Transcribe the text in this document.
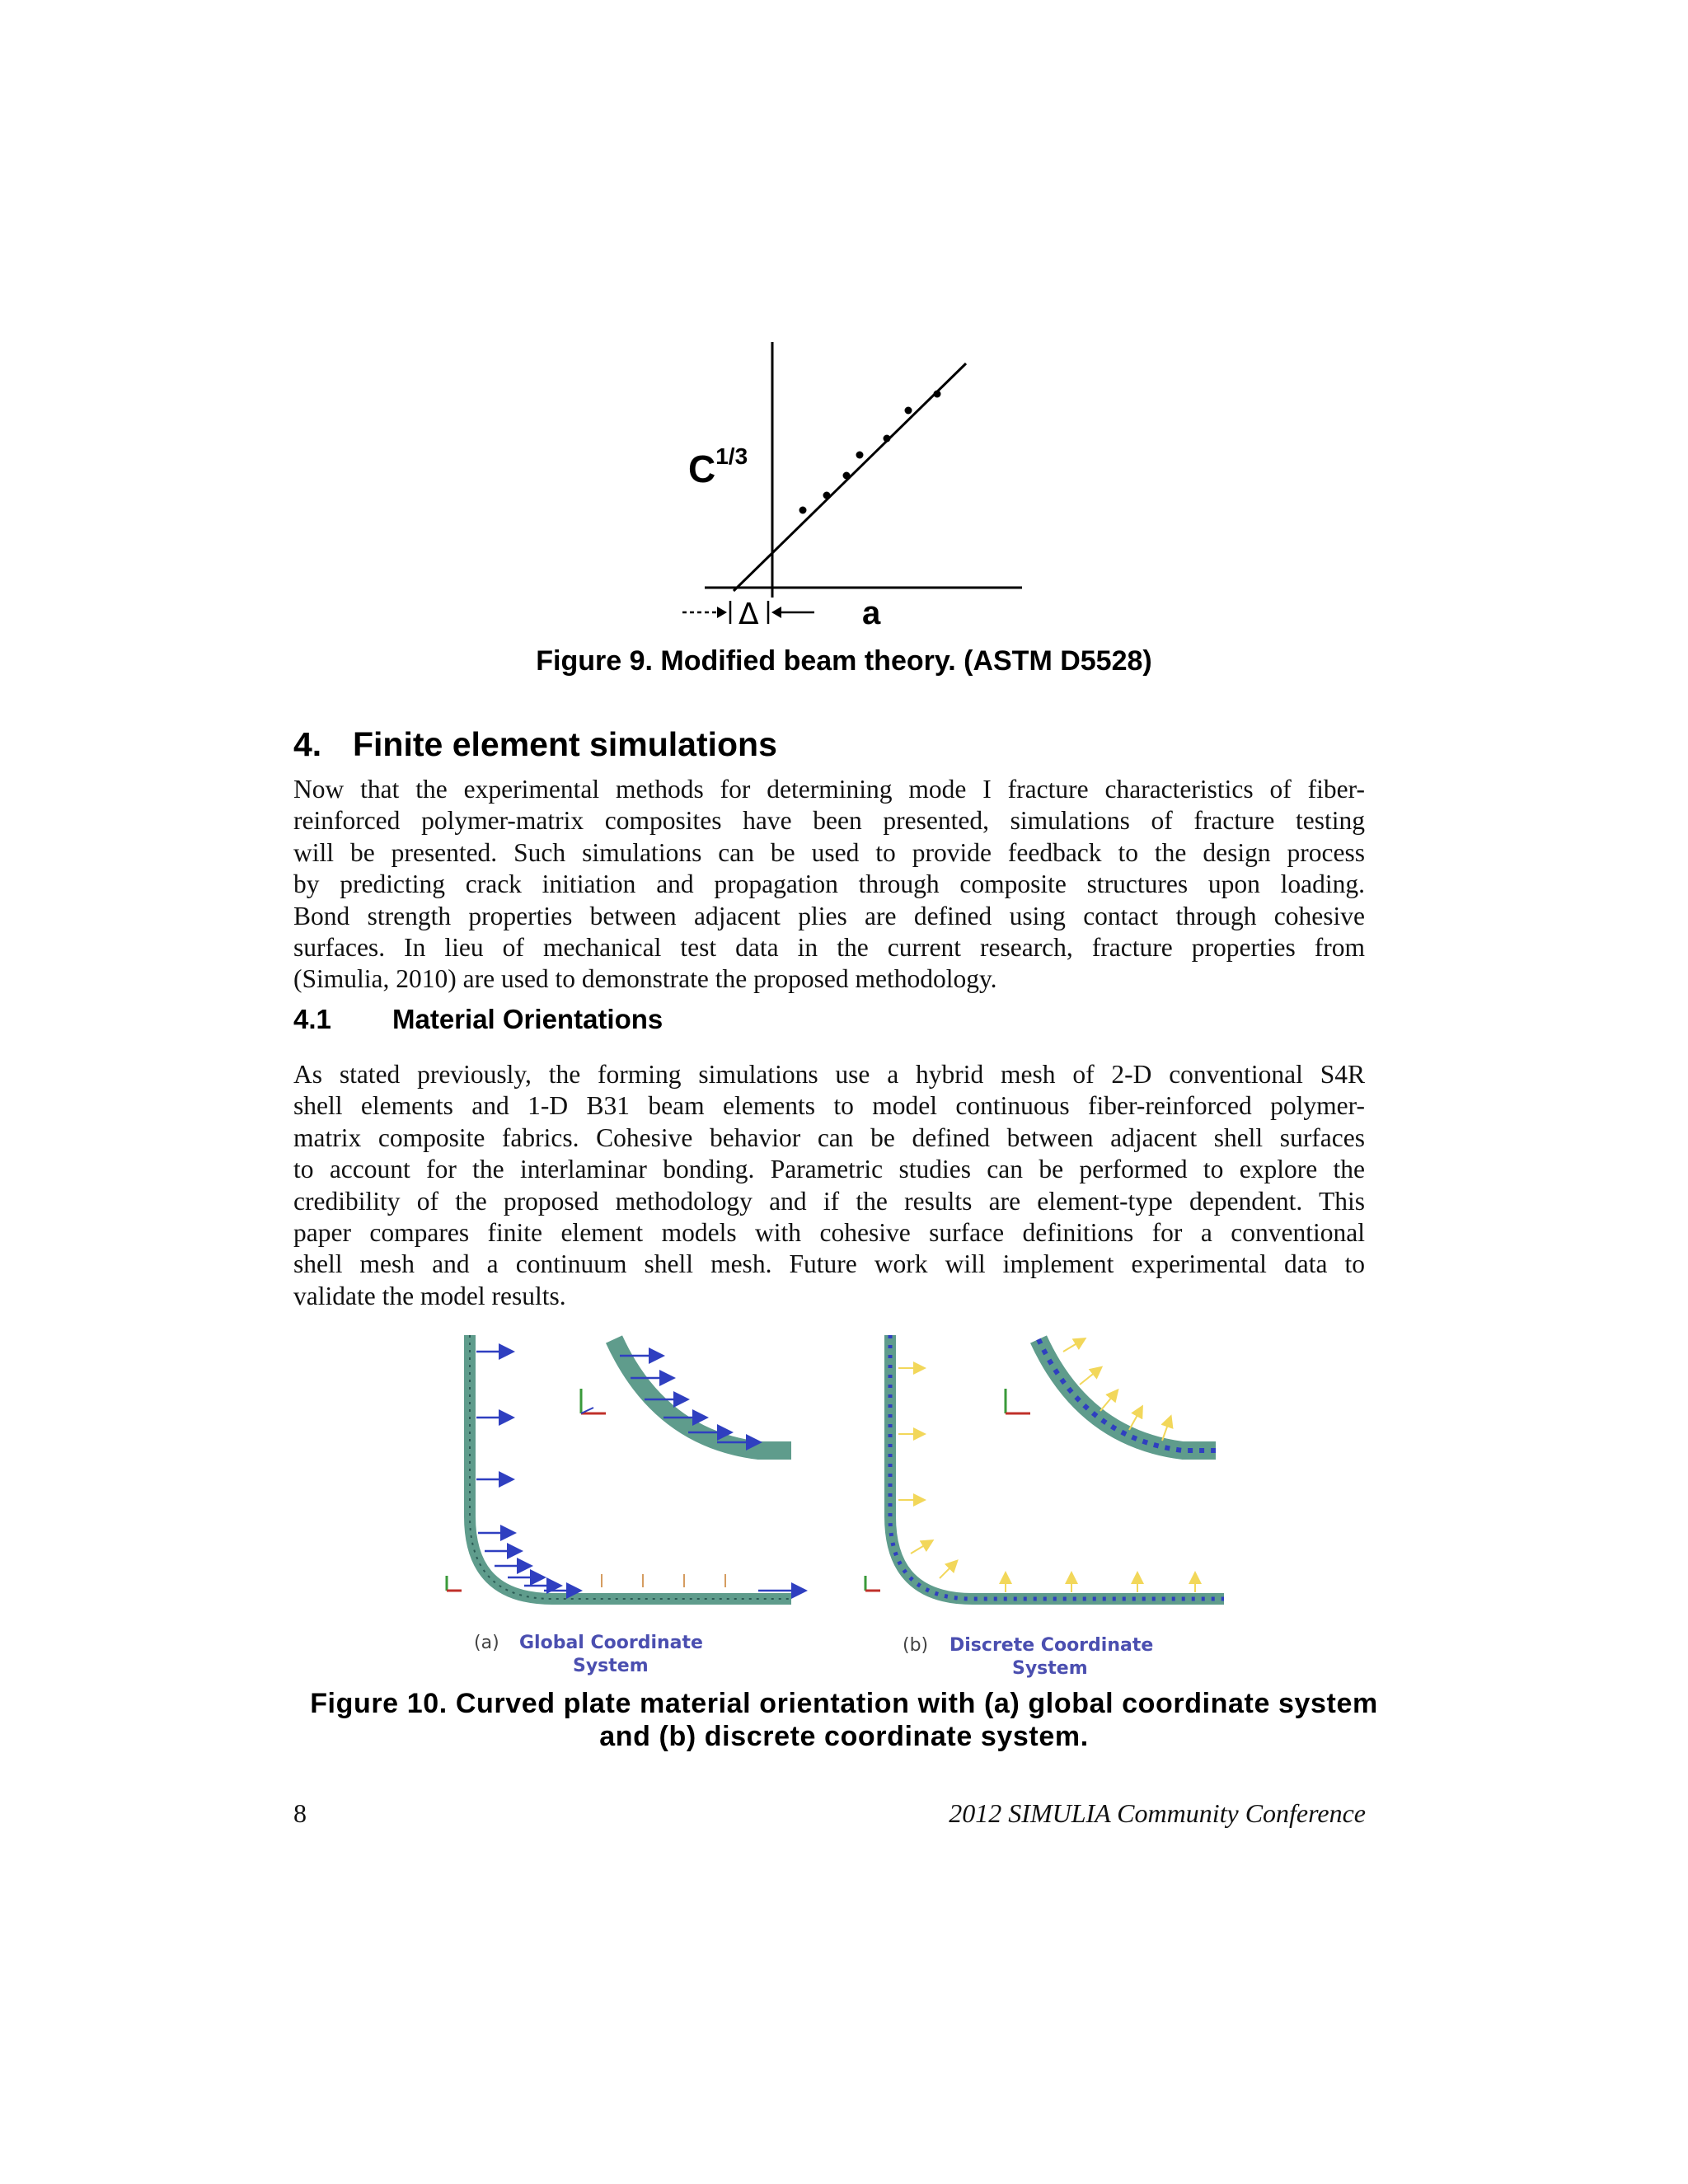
$C^{1/3}$
Δ	a
Figure 9. Modified beam theory. (ASTM D5528)
4. Finite element simulations

Now that the experimental methods for determining mode I fracture characteristics of fiber-
reinforced polymer-matrix composites have been presented, simulations of fracture testing
will be presented. Such simulations can be used to provide feedback to the design process
by predicting crack initiation and propagation through composite structures upon loading.
Bond strength properties between adjacent plies are defined using contact through cohesive
surfaces. In lieu of mechanical test data in the current research, fracture properties from
(Simulia, 2010) are used to demonstrate the proposed methodology.

4.1 Material Orientations

As stated previously, the forming simulations use a hybrid mesh of 2-D conventional S4R
shell elements and 1-D B31 beam elements to model continuous fiber-reinforced polymer-
matrix composite fabrics. Cohesive behavior can be defined between adjacent shell surfaces
to account for the interlaminar bonding. Parametric studies can be performed to explore the
credibility of the proposed methodology and if the results are element-type dependent. This
paper compares finite element models with cohesive surface definitions for a conventional
shell mesh and a continuum shell mesh. Future work will implement experimental data to
validate the model results.

(a) Global Coordinate
System
(b) Discrete Coordinate
System
Figure 10. Curved plate material orientation with (a) global coordinate system
and (b) discrete coordinate system.
8	2012 SIMULIA Community Conference
